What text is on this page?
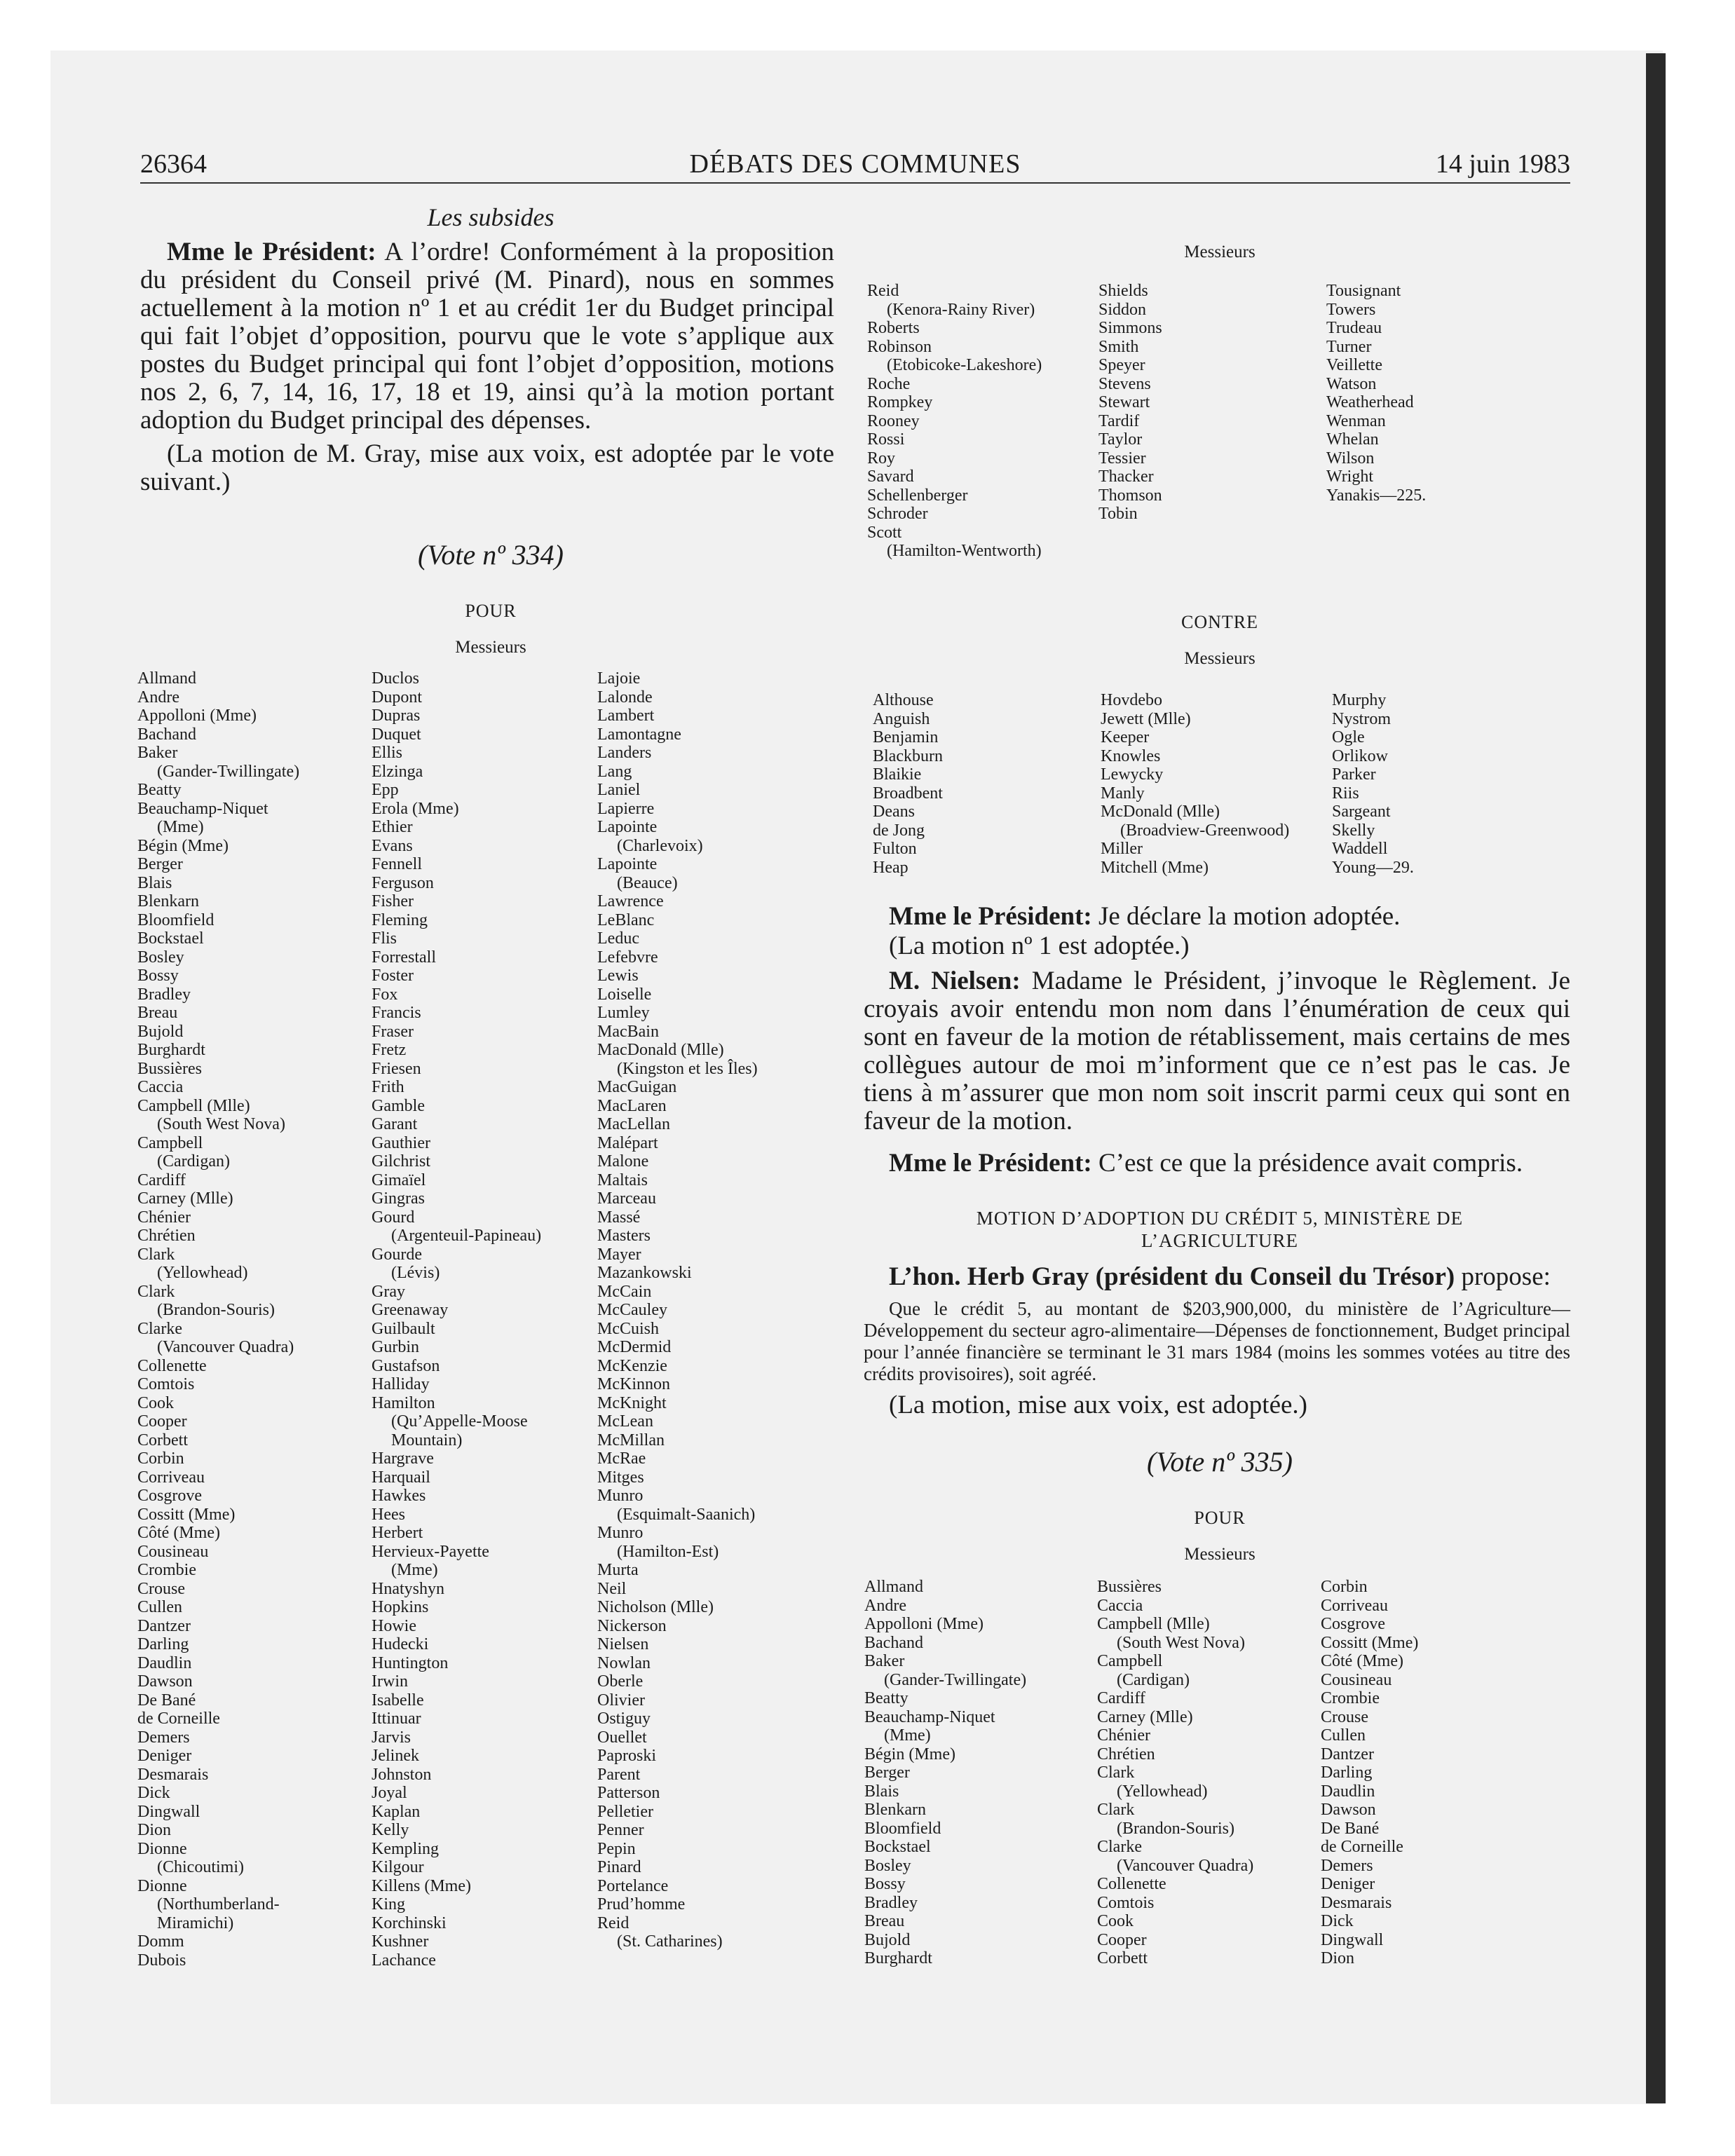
26364	DÉBATS DES COMMUNES	14 juin 1983

Les subsides

Mme le Président: A l’ordre! Conformément à la proposition du président du Conseil privé (M. Pinard), nous en sommes actuellement à la motion nº 1 et au crédit 1er du Budget principal qui fait l’objet d’opposition, pourvu que le vote s’applique aux postes du Budget principal qui font l’objet d’opposition, motions nos 2, 6, 7, 14, 16, 17, 18 et 19, ainsi qu’à la motion portant adoption du Budget principal des dépenses.

(La motion de M. Gray, mise aux voix, est adoptée par le vote suivant.)

(Vote nº 334)

POUR

Messieurs

Allmand
Andre
Appolloni (Mme)
Bachand
Baker
(Gander-Twillingate)
Beatty
Beauchamp-Niquet
(Mme)
Bégin (Mme)
Berger
Blais
Blenkarn
Bloomfield
Bockstael
Bosley
Bossy
Bradley
Breau
Bujold
Burghardt
Bussières
Caccia
Campbell (Mlle)
(South West Nova)
Campbell
(Cardigan)
Cardiff
Carney (Mlle)
Chénier
Chrétien
Clark
(Yellowhead)
Clark
(Brandon-Souris)
Clarke
(Vancouver Quadra)
Collenette
Comtois
Cook
Cooper
Corbett
Corbin
Corriveau
Cosgrove
Cossitt (Mme)
Côté (Mme)
Cousineau
Crombie
Crouse
Cullen
Dantzer
Darling
Daudlin
Dawson
De Bané
de Corneille
Demers
Deniger
Desmarais
Dick
Dingwall
Dion
Dionne
(Chicoutimi)
Dionne
(Northumberland-
Miramichi)
Domm
Dubois
Duclos
Dupont
Dupras
Duquet
Ellis
Elzinga
Epp
Erola (Mme)
Ethier
Evans
Fennell
Ferguson
Fisher
Fleming
Flis
Forrestall
Foster
Fox
Francis
Fraser
Fretz
Friesen
Frith
Gamble
Garant
Gauthier
Gilchrist
Gimaïel
Gingras
Gourd
(Argenteuil-Papineau)
Gourde
(Lévis)
Gray
Greenaway
Guilbault
Gurbin
Gustafson
Halliday
Hamilton
(Qu’Appelle-Moose
Mountain)
Hargrave
Harquail
Hawkes
Hees
Herbert
Hervieux-Payette
(Mme)
Hnatyshyn
Hopkins
Howie
Hudecki
Huntington
Irwin
Isabelle
Ittinuar
Jarvis
Jelinek
Johnston
Joyal
Kaplan
Kelly
Kempling
Kilgour
Killens (Mme)
King
Korchinski
Kushner
Lachance
Lajoie
Lalonde
Lambert
Lamontagne
Landers
Lang
Laniel
Lapierre
Lapointe
(Charlevoix)
Lapointe
(Beauce)
Lawrence
LeBlanc
Leduc
Lefebvre
Lewis
Loiselle
Lumley
MacBain
MacDonald (Mlle)
(Kingston et les Îles)
MacGuigan
MacLaren
MacLellan
Malépart
Malone
Maltais
Marceau
Massé
Masters
Mayer
Mazankowski
McCain
McCauley
McCuish
McDermid
McKenzie
McKinnon
McKnight
McLean
McMillan
McRae
Mitges
Munro
(Esquimalt-Saanich)
Munro
(Hamilton-Est)
Murta
Neil
Nicholson (Mlle)
Nickerson
Nielsen
Nowlan
Oberle
Olivier
Ostiguy
Ouellet
Paproski
Parent
Patterson
Pelletier
Penner
Pepin
Pinard
Portelance
Prud’homme
Reid
(St. Catharines)

Messieurs

Reid
(Kenora-Rainy River)
Roberts
Robinson
(Etobicoke-Lakeshore)
Roche
Rompkey
Rooney
Rossi
Roy
Savard
Schellenberger
Schroder
Scott
(Hamilton-Wentworth)
Shields
Siddon
Simmons
Smith
Speyer
Stevens
Stewart
Tardif
Taylor
Tessier
Thacker
Thomson
Tobin
Tousignant
Towers
Trudeau
Turner
Veillette
Watson
Weatherhead
Wenman
Whelan
Wilson
Wright
Yanakis—225.

CONTRE

Messieurs

Althouse
Anguish
Benjamin
Blackburn
Blaikie
Broadbent
Deans
de Jong
Fulton
Heap
Hovdebo
Jewett (Mlle)
Keeper
Knowles
Lewycky
Manly
McDonald (Mlle)
(Broadview-Greenwood)
Miller
Mitchell (Mme)
Murphy
Nystrom
Ogle
Orlikow
Parker
Riis
Sargeant
Skelly
Waddell
Young—29.

Mme le Président: Je déclare la motion adoptée.

(La motion nº 1 est adoptée.)

M. Nielsen: Madame le Président, j’invoque le Règlement. Je croyais avoir entendu mon nom dans l’énumération de ceux qui sont en faveur de la motion de rétablissement, mais certains de mes collègues autour de moi m’informent que ce n’est pas le cas. Je tiens à m’assurer que mon nom soit inscrit parmi ceux qui sont en faveur de la motion.

Mme le Président: C’est ce que la présidence avait compris.

MOTION D’ADOPTION DU CRÉDIT 5, MINISTÈRE DE
L’AGRICULTURE

L’hon. Herb Gray (président du Conseil du Trésor) propose:

Que le crédit 5, au montant de $203,900,000, du ministère de l’Agriculture—Développement du secteur agro-alimentaire—Dépenses de fonctionnement, Budget principal pour l’année financière se terminant le 31 mars 1984 (moins les sommes votées au titre des crédits provisoires), soit agréé.

(La motion, mise aux voix, est adoptée.)

(Vote nº 335)

POUR

Messieurs

Allmand
Andre
Appolloni (Mme)
Bachand
Baker
(Gander-Twillingate)
Beatty
Beauchamp-Niquet
(Mme)
Bégin (Mme)
Berger
Blais
Blenkarn
Bloomfield
Bockstael
Bosley
Bossy
Bradley
Breau
Bujold
Burghardt
Bussières
Caccia
Campbell (Mlle)
(South West Nova)
Campbell
(Cardigan)
Cardiff
Carney (Mlle)
Chénier
Chrétien
Clark
(Yellowhead)
Clark
(Brandon-Souris)
Clarke
(Vancouver Quadra)
Collenette
Comtois
Cook
Cooper
Corbett
Corbin
Corriveau
Cosgrove
Cossitt (Mme)
Côté (Mme)
Cousineau
Crombie
Crouse
Cullen
Dantzer
Darling
Daudlin
Dawson
De Bané
de Corneille
Demers
Deniger
Desmarais
Dick
Dingwall
Dion
